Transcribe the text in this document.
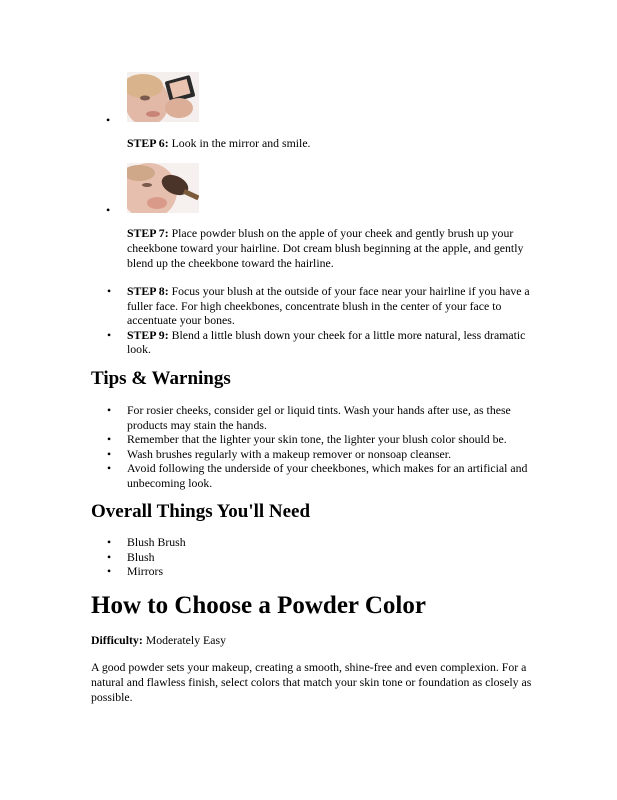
•

STEP 6: Look in the mirror and smile.

•

STEP 7: Place powder blush on the apple of your cheek and gently brush up your cheekbone toward your hairline. Dot cream blush beginning at the apple, and gently blend up the cheekbone toward the hairline.

• STEP 8: Focus your blush at the outside of your face near your hairline if you have a fuller face. For high cheekbones, concentrate blush in the center of your face to accentuate your bones.
• STEP 9: Blend a little blush down your cheek for a little more natural, less dramatic look.
Tips & Warnings
• For rosier cheeks, consider gel or liquid tints. Wash your hands after use, as these products may stain the hands.
• Remember that the lighter your skin tone, the lighter your blush color should be.
• Wash brushes regularly with a makeup remover or nonsoap cleanser.
• Avoid following the underside of your cheekbones, which makes for an artificial and unbecoming look.
Overall Things You'll Need
• Blush Brush
• Blush
• Mirrors
How to Choose a Powder Color

Difficulty: Moderately Easy

A good powder sets your makeup, creating a smooth, shine-free and even complexion. For a natural and flawless finish, select colors that match your skin tone or foundation as closely as possible.
